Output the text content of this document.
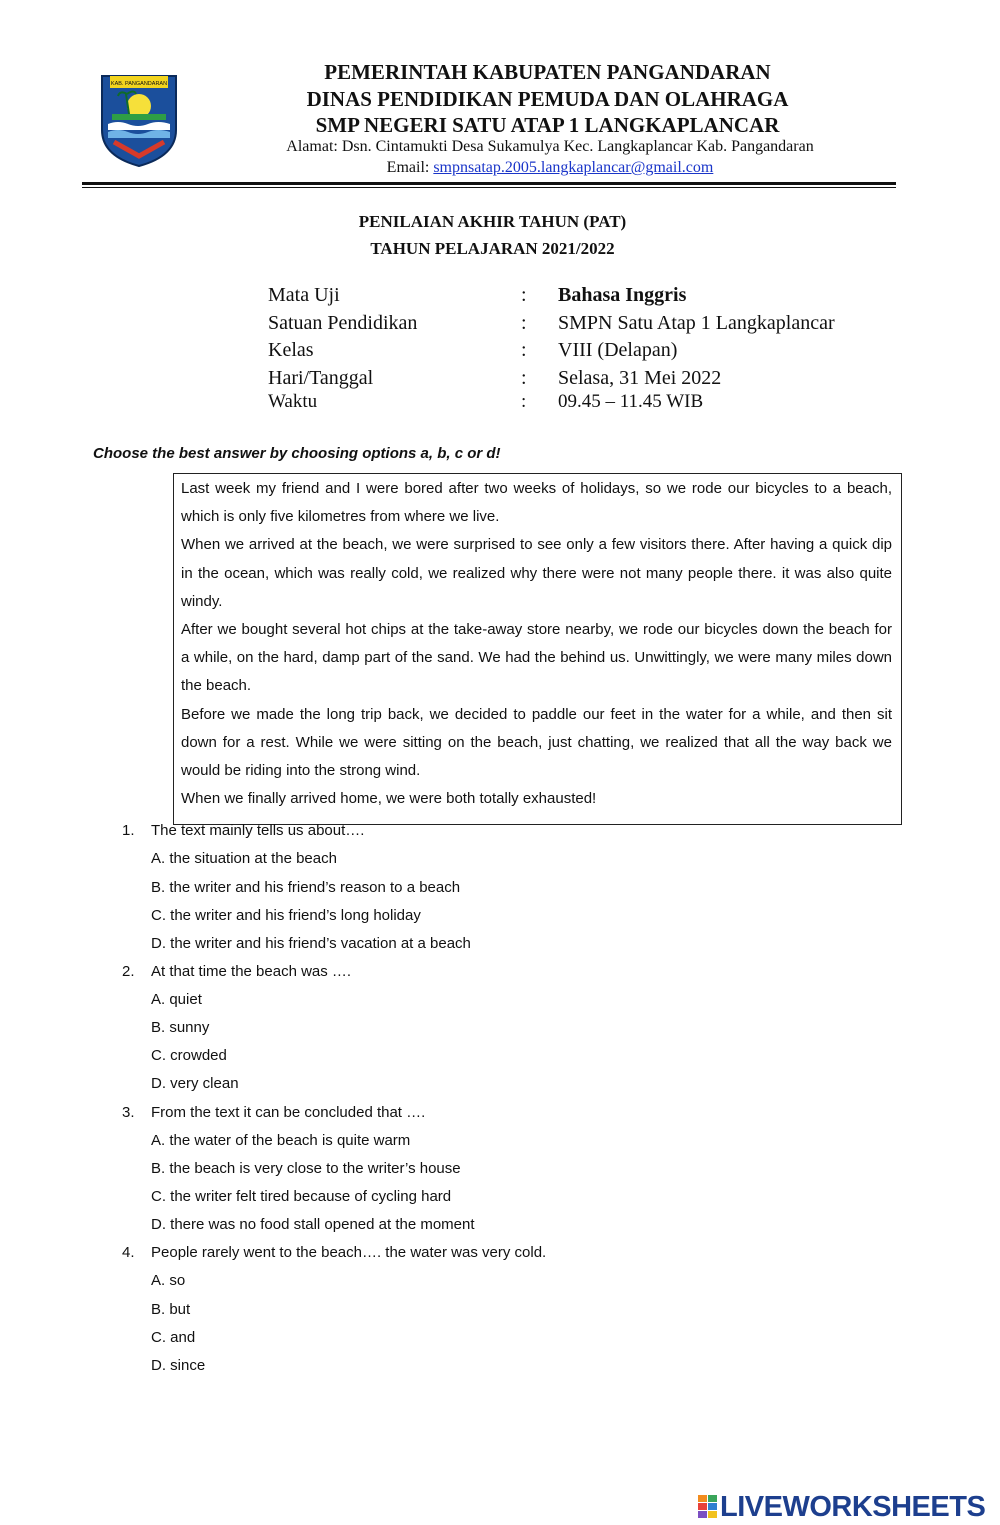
KAB. PANGANDARAN	PEMERINTAH KABUPATEN PANGANDARAN
DINAS PENDIDIKAN PEMUDA DAN OLAHRAGA
SMP NEGERI SATU ATAP 1 LANGKAPLANCAR
Alamat: Dsn. Cintamukti Desa Sukamulya Kec. Langkaplancar Kab. Pangandaran
Email: smpnsatap.2005.langkaplancar@gmail.com
PENILAIAN AKHIR TAHUN (PAT)
TAHUN PELAJARAN 2021/2022
Mata Uji	: Bahasa Inggris
Satuan Pendidikan	: SMPN Satu Atap 1 Langkaplancar
Kelas	: VIII (Delapan)
Hari/Tanggal	: Selasa, 31 Mei 2022
Waktu	: 09.45 – 11.45 WIB
Choose the best answer by choosing options a, b, c or d!

Last week my friend and I were bored after two weeks of holidays, so we rode our bicycles to a beach, which is only five kilometres from where we live.

When we arrived at the beach, we were surprised to see only a few visitors there. After having a quick dip in the ocean, which was really cold, we realized why there were not many people there. it was also quite windy.

After we bought several hot chips at the take-away store nearby, we rode our bicycles down the beach for a while, on the hard, damp part of the sand. We had the behind us. Unwittingly, we were many miles down the beach.

Before we made the long trip back, we decided to paddle our feet in the water for a while, and then sit down for a rest. While we were sitting on the beach, just chatting, we realized that all the way back we would be riding into the strong wind.

When we finally arrived home, we were both totally exhausted!

1. The text mainly tells us about….
A. the situation at the beach
B. the writer and his friend’s reason to a beach
C. the writer and his friend’s long holiday
D. the writer and his friend’s vacation at a beach
2. At that time the beach was ….
A. quiet
B. sunny
C. crowded
D. very clean
3. From the text it can be concluded that ….
A. the water of the beach is quite warm
B. the beach is very close to the writer’s house
C. the writer felt tired because of cycling hard
D. there was no food stall opened at the moment
4. People rarely went to the beach…. the water was very cold.
A. so
B. but
C. and
D. since
LIVEWORKSHEETS
